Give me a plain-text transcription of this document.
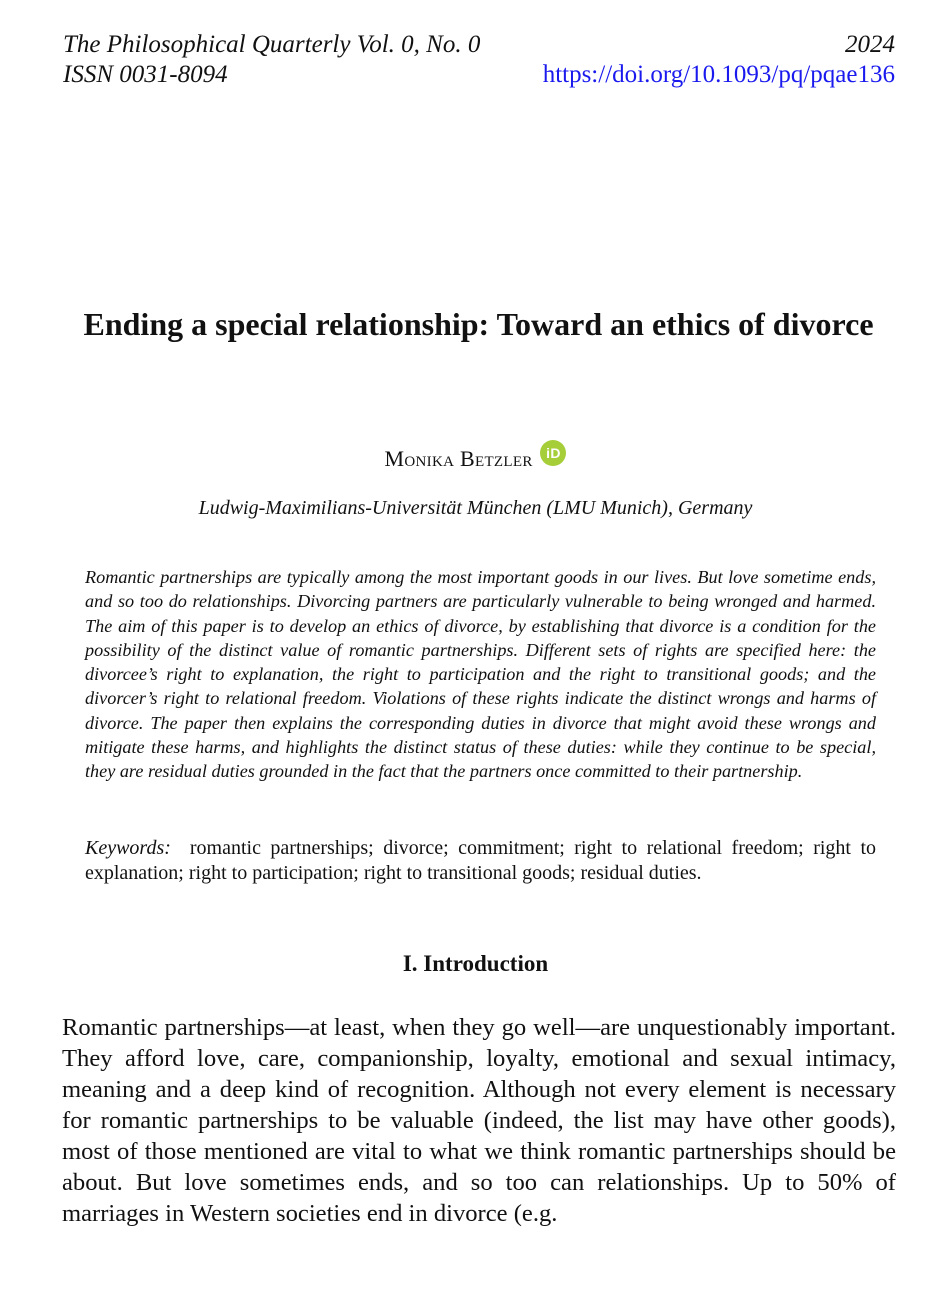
The Philosophical Quarterly Vol. 0, No. 0	2024
ISSN 0031-8094	https://doi.org/10.1093/pq/pqae136
Ending a special relationship: Toward an ethics of divorce
Monika Betzler iD
Ludwig-Maximilians-Universität München (LMU Munich), Germany

Romantic partnerships are typically among the most important goods in our lives. But love sometime ends, and so too do relationships. Divorcing partners are particularly vulnerable to being wronged and harmed. The aim of this paper is to develop an ethics of divorce, by establishing that divorce is a condition for the possibility of the distinct value of romantic partnerships. Different sets of rights are specified here: the divorcee’s right to explanation, the right to participation and the right to transitional goods; and the divorcer’s right to relational freedom. Violations of these rights indicate the distinct wrongs and harms of divorce. The paper then explains the corresponding duties in divorce that might avoid these wrongs and mitigate these harms, and highlights the distinct status of these duties: while they continue to be special, they are residual duties grounded in the fact that the partners once committed to their partnership.

Keywords: romantic partnerships; divorce; commitment; right to relational freedom; right to explanation; right to participation; right to transitional goods; residual duties.

I. Introduction

Romantic partnerships—at least, when they go well—are unquestionably important. They afford love, care, companionship, loyalty, emotional and sexual intimacy, meaning and a deep kind of recognition. Although not every element is necessary for romantic partnerships to be valuable (indeed, the list may have other goods), most of those mentioned are vital to what we think romantic partnerships should be about. But love sometimes ends, and so too can relationships. Up to 50% of marriages in Western societies end in divorce (e.g.
